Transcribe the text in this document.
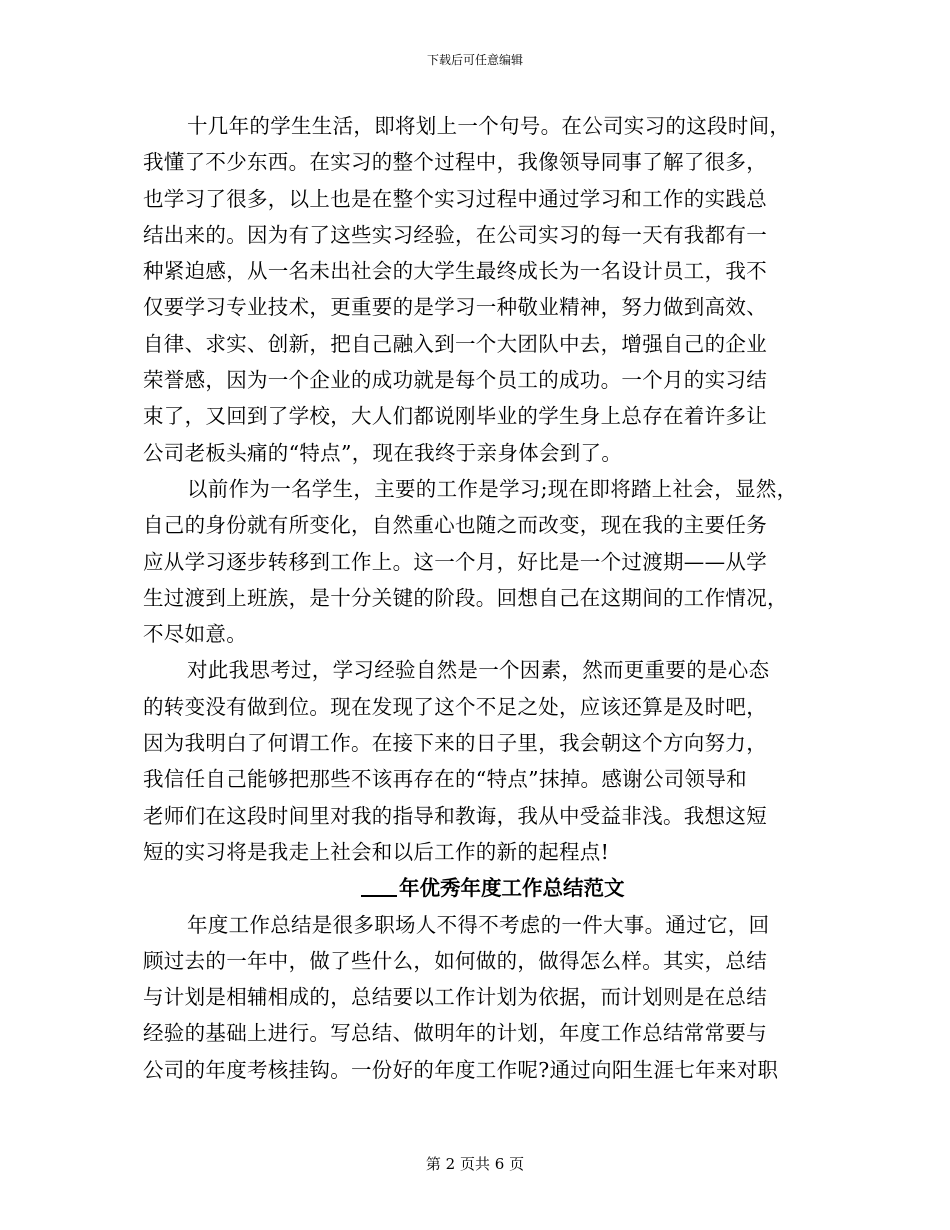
下载后可任意编辑
十几年的学生生活，即将划上一个句号。在公司实习的这段时间，
我懂了不少东西。在实习的整个过程中，我像领导同事了解了很多，
也学习了很多，以上也是在整个实习过程中通过学习和工作的实践总
结出来的。因为有了这些实习经验，在公司实习的每一天有我都有一
种紧迫感，从一名未出社会的大学生最终成长为一名设计员工，我不
仅要学习专业技术，更重要的是学习一种敬业精神，努力做到高效、
自律、求实、创新，把自己融入到一个大团队中去，增强自己的企业
荣誉感，因为一个企业的成功就是每个员工的成功。一个月的实习结
束了，又回到了学校，大人们都说刚毕业的学生身上总存在着许多让
公司老板头痛的“特点”，现在我终于亲身体会到了。
以前作为一名学生，主要的工作是学习;现在即将踏上社会，显然，
自己的身份就有所变化，自然重心也随之而改变，现在我的主要任务
应从学习逐步转移到工作上。这一个月，好比是一个过渡期——从学
生过渡到上班族，是十分关键的阶段。回想自己在这期间的工作情况，
不尽如意。
对此我思考过，学习经验自然是一个因素，然而更重要的是心态
的转变没有做到位。现在发现了这个不足之处，应该还算是及时吧，
因为我明白了何谓工作。在接下来的日子里，我会朝这个方向努力，
我信任自己能够把那些不该再存在的“特点”抹掉。感谢公司领导和
老师们在这段时间里对我的指导和教诲，我从中受益非浅。我想这短
短的实习将是我走上社会和以后工作的新的起程点!
年优秀年度工作总结范文
年度工作总结是很多职场人不得不考虑的一件大事。通过它，回
顾过去的一年中，做了些什么，如何做的，做得怎么样。其实，总结
与计划是相辅相成的，总结要以工作计划为依据，而计划则是在总结
经验的基础上进行。写总结、做明年的计划，年度工作总结常常要与
公司的年度考核挂钩。一份好的年度工作呢?通过向阳生涯七年来对职
第 2 页共 6 页
